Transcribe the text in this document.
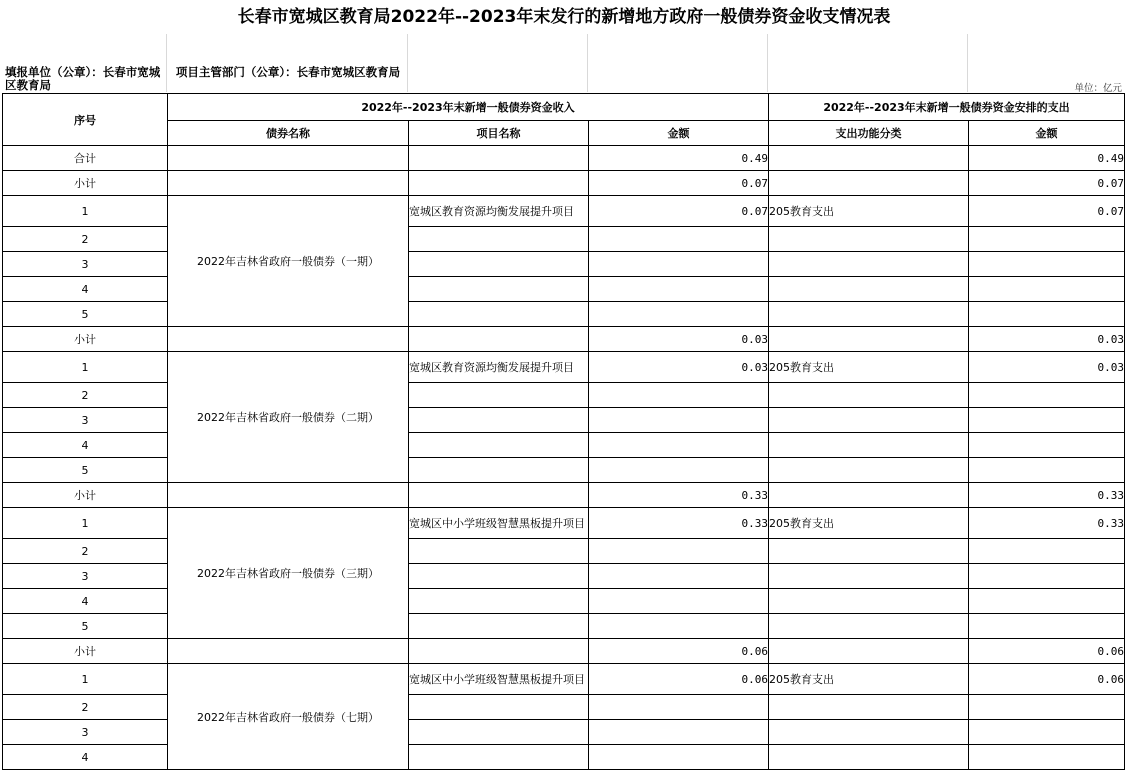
长春市宽城区教育局2022年--2023年末发行的新增地方政府一般债券资金收支情况表
填报单位（公章）：长春市宽城区教育局
项目主管部门（公章）：长春市宽城区教育局
单位：亿元
序号	2022年--2023年末新增一般债券资金收入			2022年--2023年末新增一般债券资金安排的支出	
	债券名称	项目名称	金额	支出功能分类	金额
合计			0.49		0.49
小计			0.07		0.07
1	2022年吉林省政府一般债券（一期）	宽城区教育资源均衡发展提升项目	0.07	205教育支出	0.07
2					
3					
4					
5					
小计			0.03		0.03
1	2022年吉林省政府一般债券（二期）	宽城区教育资源均衡发展提升项目	0.03	205教育支出	0.03
2					
3					
4					
5					
小计			0.33		0.33
1	2022年吉林省政府一般债券（三期）	宽城区中小学班级智慧黑板提升项目	0.33	205教育支出	0.33
2					
3					
4					
5					
小计			0.06		0.06
1	2022年吉林省政府一般债券（七期）	宽城区中小学班级智慧黑板提升项目	0.06	205教育支出	0.06
2					
3					
4					
